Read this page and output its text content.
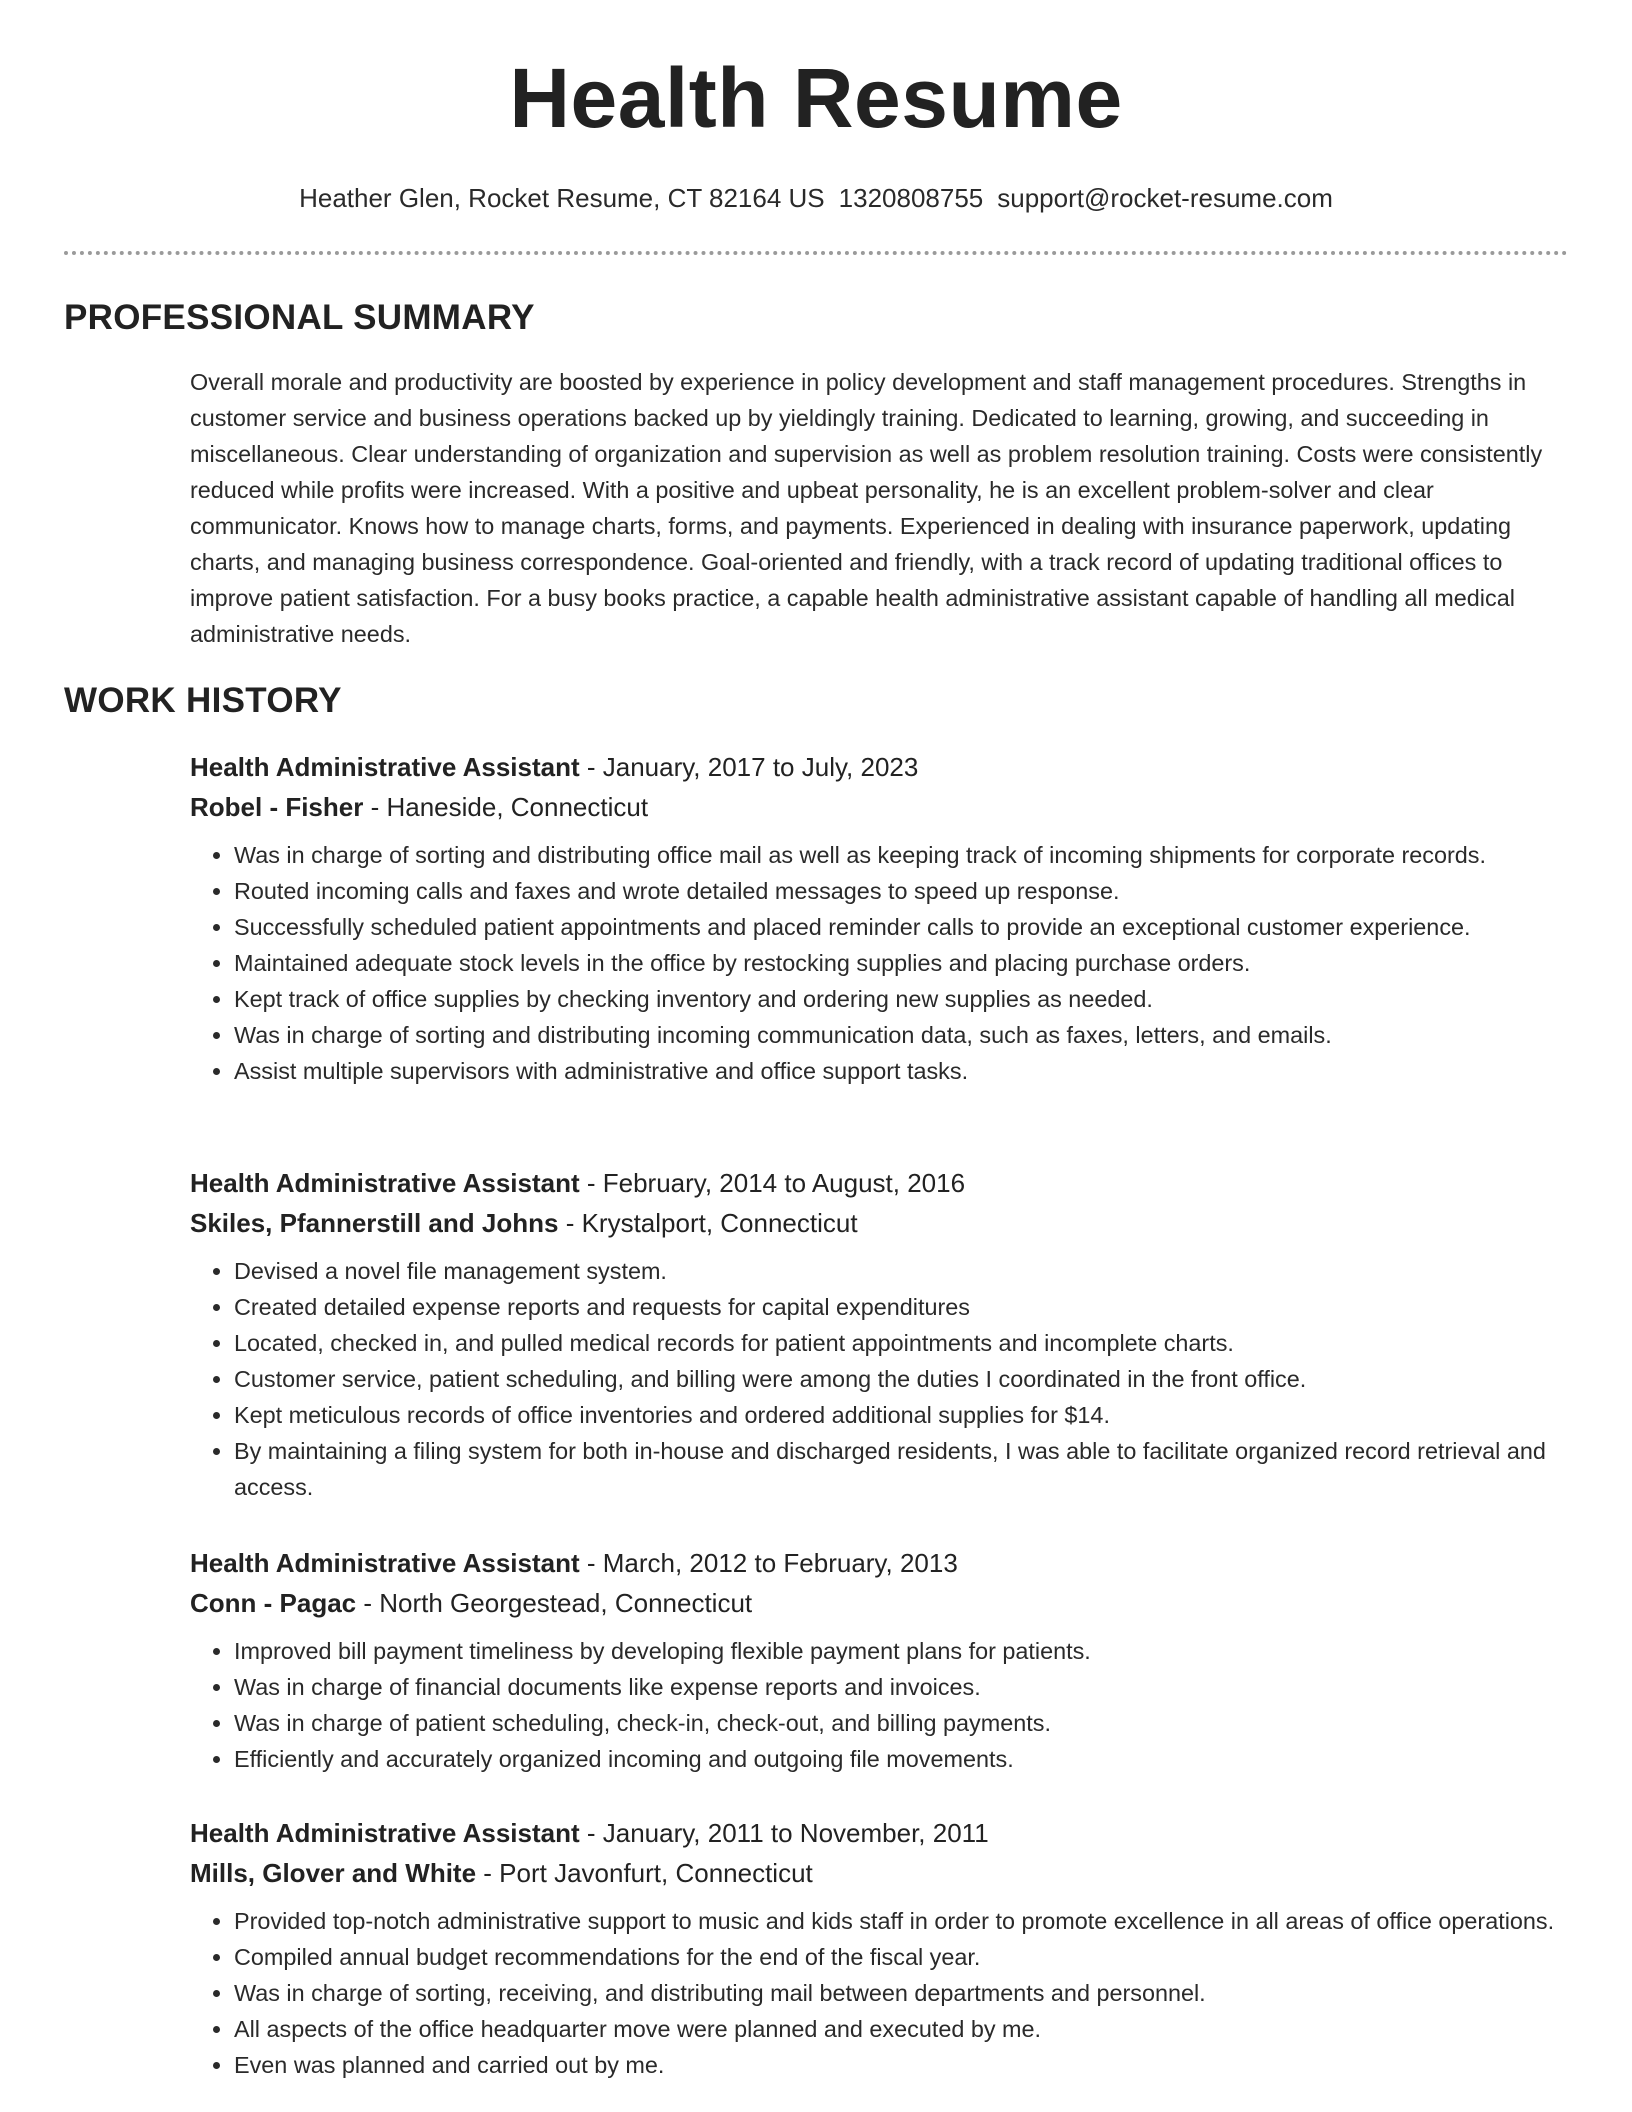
Health Resume
Heather Glen, Rocket Resume, CT 82164 US 1320808755 support@rocket-resume.com
PROFESSIONAL SUMMARY

Overall morale and productivity are boosted by experience in policy development and staff management procedures. Strengths in customer service and business operations backed up by yieldingly training. Dedicated to learning, growing, and succeeding in miscellaneous. Clear understanding of organization and supervision as well as problem resolution training. Costs were consistently reduced while profits were increased. With a positive and upbeat personality, he is an excellent problem-solver and clear communicator. Knows how to manage charts, forms, and payments. Experienced in dealing with insurance paperwork, updating charts, and managing business correspondence. Goal-oriented and friendly, with a track record of updating traditional offices to improve patient satisfaction. For a busy books practice, a capable health administrative assistant capable of handling all medical administrative needs.

WORK HISTORY
Health Administrative Assistant - January, 2017 to July, 2023
Robel - Fisher - Haneside, Connecticut
• Was in charge of sorting and distributing office mail as well as keeping track of incoming shipments for corporate records.
• Routed incoming calls and faxes and wrote detailed messages to speed up response.
• Successfully scheduled patient appointments and placed reminder calls to provide an exceptional customer experience.
• Maintained adequate stock levels in the office by restocking supplies and placing purchase orders.
• Kept track of office supplies by checking inventory and ordering new supplies as needed.
• Was in charge of sorting and distributing incoming communication data, such as faxes, letters, and emails.
• Assist multiple supervisors with administrative and office support tasks.
Health Administrative Assistant - February, 2014 to August, 2016
Skiles, Pfannerstill and Johns - Krystalport, Connecticut
• Devised a novel file management system.
• Created detailed expense reports and requests for capital expenditures
• Located, checked in, and pulled medical records for patient appointments and incomplete charts.
• Customer service, patient scheduling, and billing were among the duties I coordinated in the front office.
• Kept meticulous records of office inventories and ordered additional supplies for $14.
• By maintaining a filing system for both in-house and discharged residents, I was able to facilitate organized record retrieval and access.
Health Administrative Assistant - March, 2012 to February, 2013
Conn - Pagac - North Georgestead, Connecticut
• Improved bill payment timeliness by developing flexible payment plans for patients.
• Was in charge of financial documents like expense reports and invoices.
• Was in charge of patient scheduling, check-in, check-out, and billing payments.
• Efficiently and accurately organized incoming and outgoing file movements.
Health Administrative Assistant - January, 2011 to November, 2011
Mills, Glover and White - Port Javonfurt, Connecticut
• Provided top-notch administrative support to music and kids staff in order to promote excellence in all areas of office operations.
• Compiled annual budget recommendations for the end of the fiscal year.
• Was in charge of sorting, receiving, and distributing mail between departments and personnel.
• All aspects of the office headquarter move were planned and executed by me.
• Even was planned and carried out by me.
